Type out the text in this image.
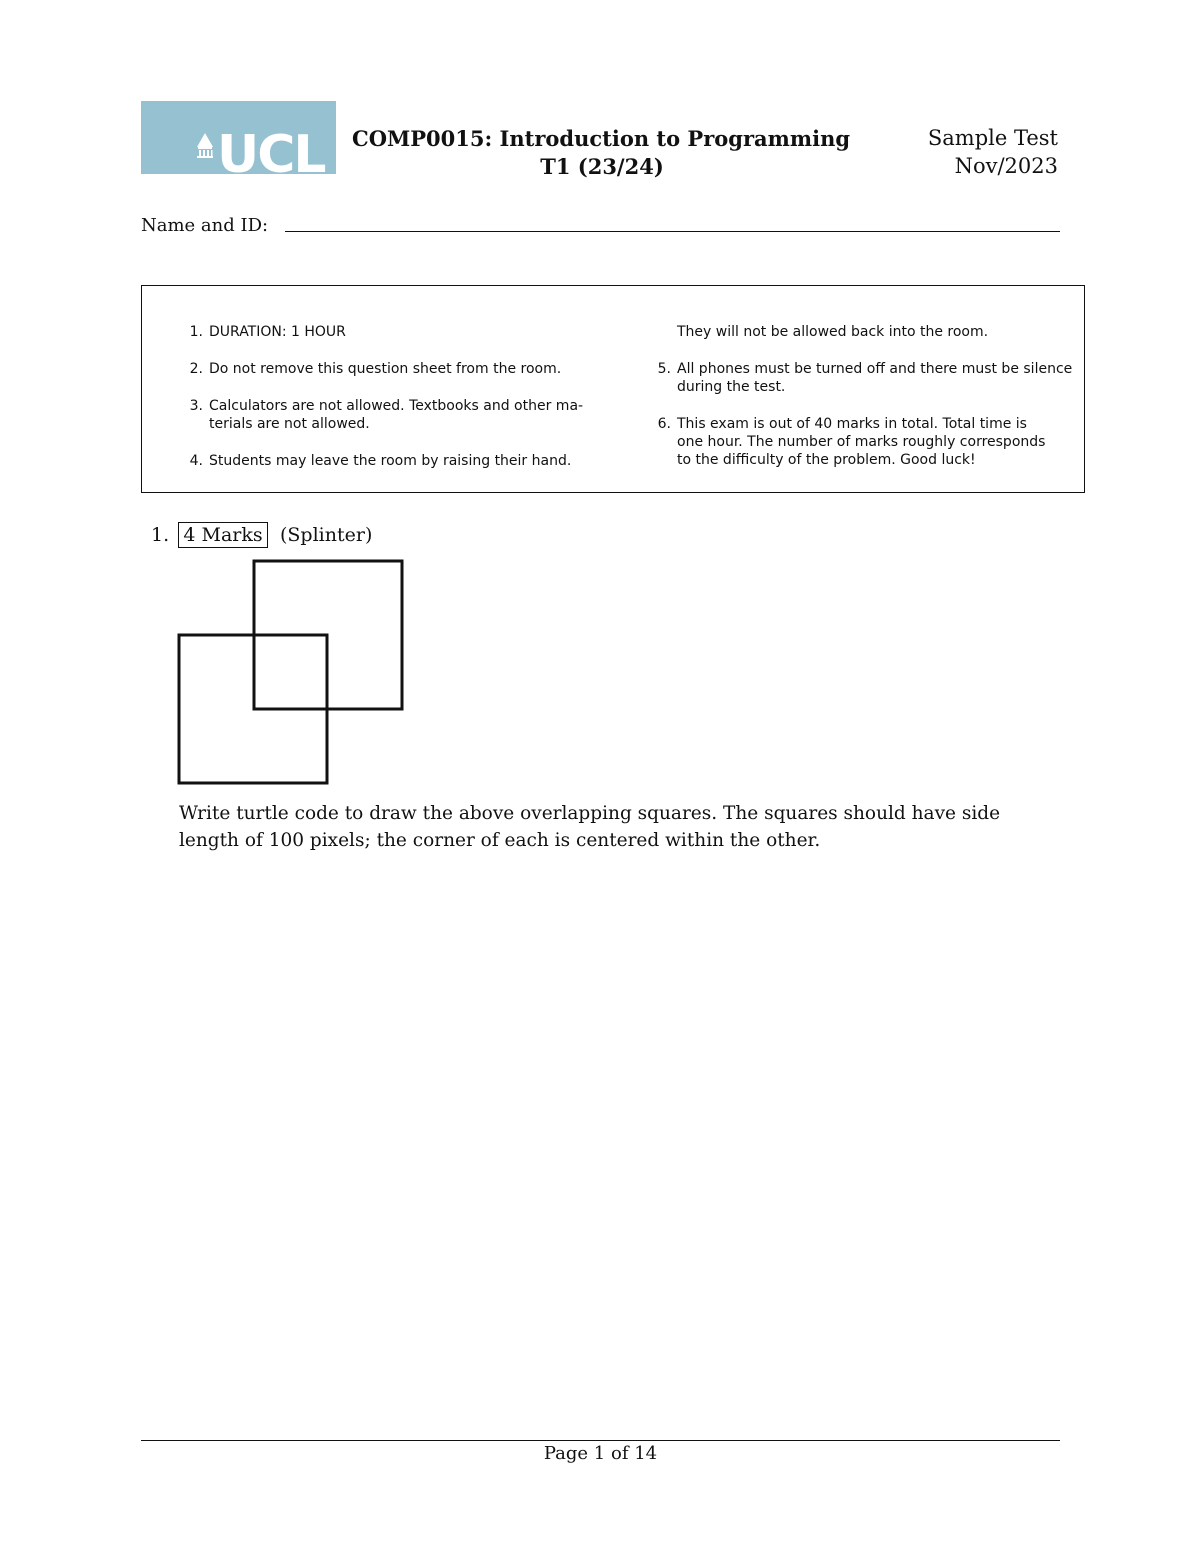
UCL COMP0015: Introduction to Programming
T1 (23/24)
Sample Test
Nov/2023
Name and ID:
1. DURATION: 1 HOUR
2. Do not remove this question sheet from the room.
3. Calculators are not allowed. Textbooks and other ma-
terials are not allowed.
4. Students may leave the room by raising their hand.
They will not be allowed back into the room.
5. All phones must be turned off and there must be silence
during the test.
6. This exam is out of 40 marks in total. Total time is
one hour. The number of marks roughly corresponds
to the difficulty of the problem. Good luck!
1. 4 Marks (Splinter)
Write turtle code to draw the above overlapping squares. The squares should have side length of 100 pixels; the corner of each is centered within the other.
Page 1 of 14
